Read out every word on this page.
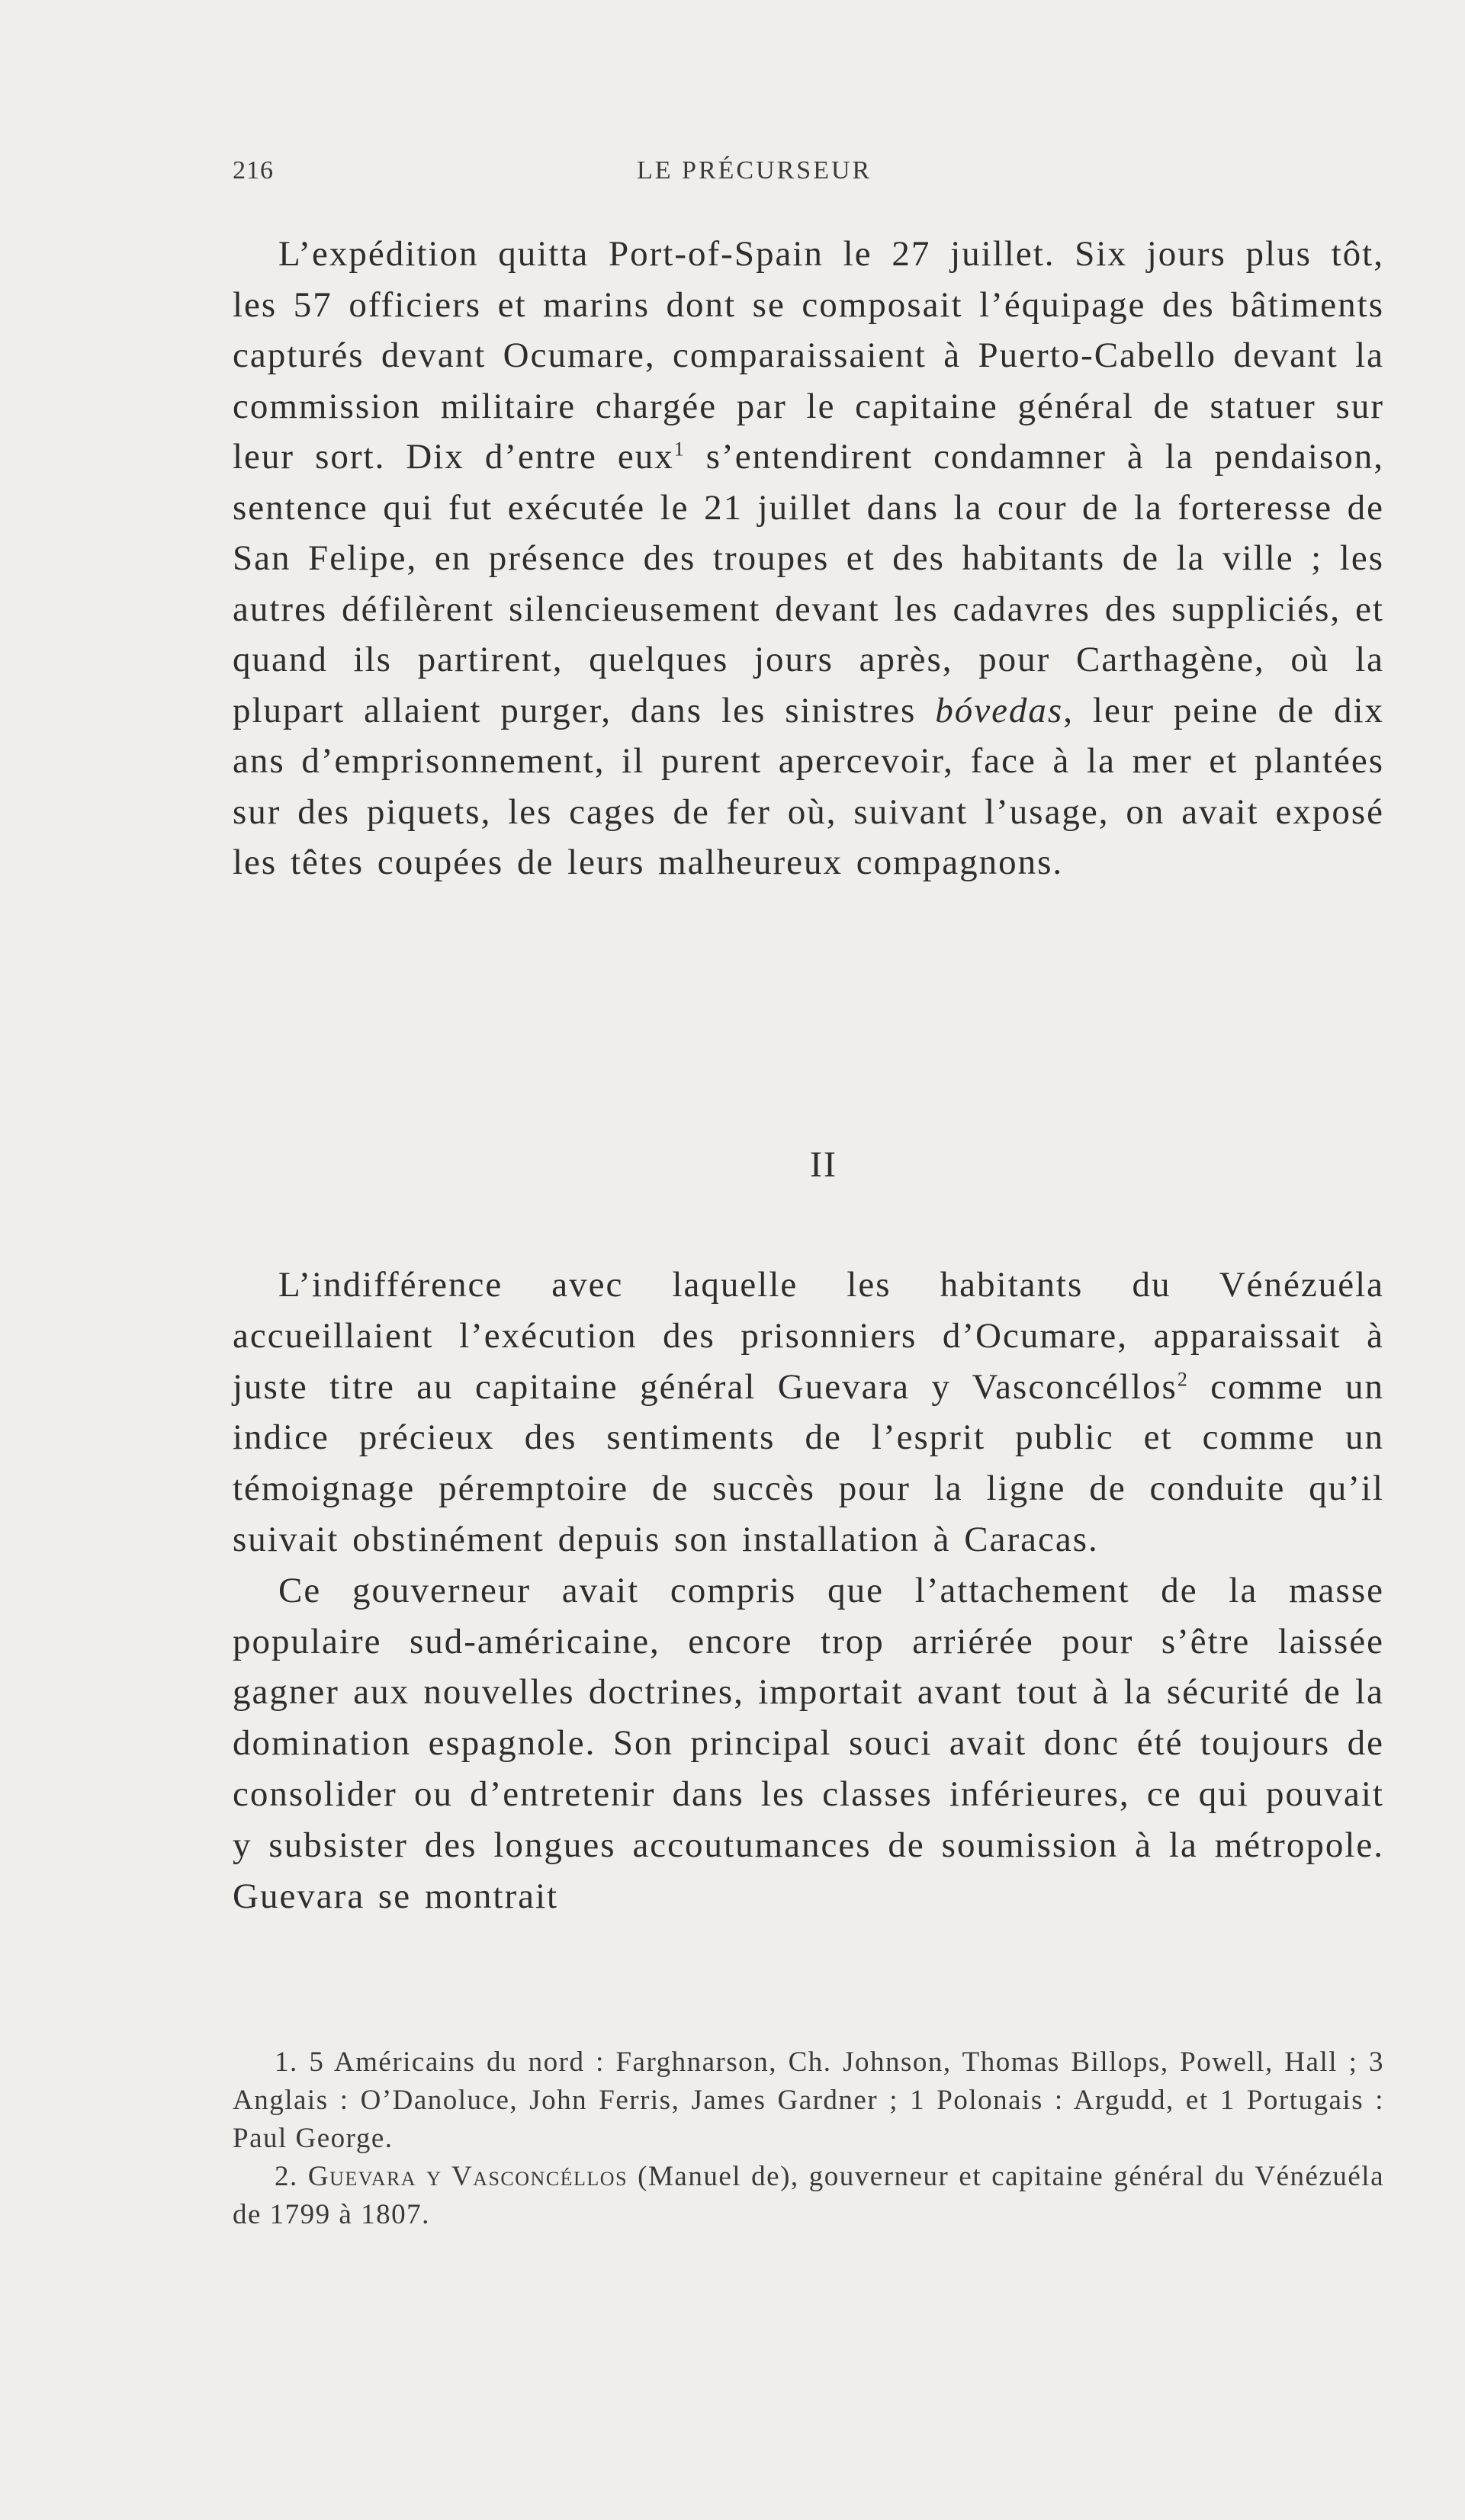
216	LE PRÉCURSEUR

L’expédition quitta Port-of-Spain le 27 juillet. Six jours plus tôt, les 57 officiers et marins dont se composait l’équipage des bâtiments capturés devant Ocumare, comparaissaient à Puerto-Cabello devant la commission militaire chargée par le capitaine général de statuer sur leur sort. Dix d’entre eux$^1$ s’entendirent condamner à la pendaison, sentence qui fut exécutée le 21 juillet dans la cour de la forteresse de San Felipe, en présence des troupes et des habitants de la ville ; les autres défilèrent silencieusement devant les cadavres des suppliciés, et quand ils partirent, quelques jours après, pour Carthagène, où la plupart allaient purger, dans les sinistres bóvedas, leur peine de dix ans d’emprisonnement, il purent apercevoir, face à la mer et plantées sur des piquets, les cages de fer où, suivant l’usage, on avait exposé les têtes coupées de leurs malheureux compagnons.

II

L’indifférence avec laquelle les habitants du Vénézuéla accueillaient l’exécution des prisonniers d’Ocumare, apparaissait à juste titre au capitaine général Guevara y Vasconcéllos$^2$ comme un indice précieux des sentiments de l’esprit public et comme un témoignage péremptoire de succès pour la ligne de conduite qu’il suivait obstinément depuis son installation à Caracas.

Ce gouverneur avait compris que l’attachement de la masse populaire sud-américaine, encore trop arriérée pour s’être laissée gagner aux nouvelles doctrines, importait avant tout à la sécurité de la domination espagnole. Son principal souci avait donc été toujours de consolider ou d’entretenir dans les classes inférieures, ce qui pouvait y subsister des longues accoutumances de soumission à la métropole. Guevara se montrait

1. 5 Américains du nord : Farghnarson, Ch. Johnson, Thomas Billops, Powell, Hall ; 3 Anglais : O’Danoluce, John Ferris, James Gardner ; 1 Polonais : Argudd, et 1 Portugais : Paul George.

2. Guevara y Vasconcéllos (Manuel de), gouverneur et capitaine général du Vénézuéla de 1799 à 1807.
